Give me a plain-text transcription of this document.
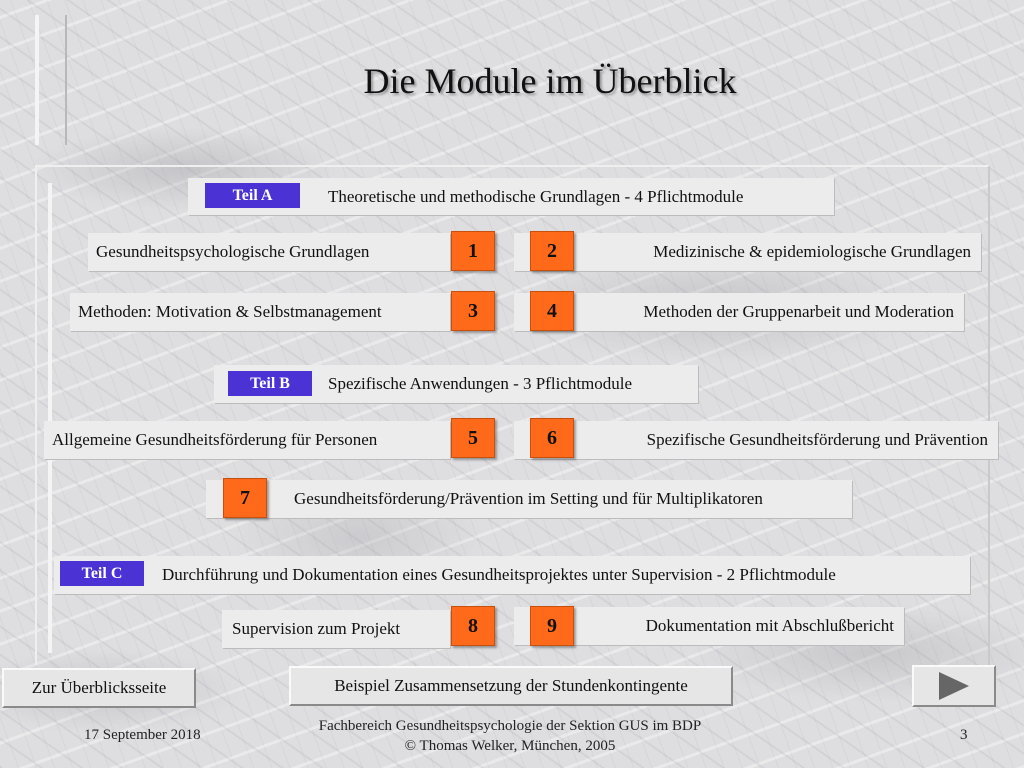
Die Module im Überblick
Theoretische und methodische Grundlagen - 4 Pflichtmodule
Teil A
Gesundheitspsychologische Grundlagen	1	Medizinische & epidemiologische Grundlagen
2
Methoden: Motivation & Selbstmanagement	3	Methoden der Gruppenarbeit und Moderation
4
Spezifische Anwendungen - 3 Pflichtmodule
Teil B
Allgemeine Gesundheitsförderung für Personen	5	Spezifische Gesundheitsförderung und Prävention
6
Gesundheitsförderung/Prävention im Setting und für Multiplikatoren
7
Durchführung und Dokumentation eines Gesundheitsprojektes unter Supervision - 2 Pflichtmodule
Teil C
Supervision zum Projekt	8	Dokumentation mit Abschlußbericht
9
Zur Überblicksseite	Beispiel Zusammensetzung der Stundenkontingente
17 September 2018
Fachbereich Gesundheitspsychologie der Sektion GUS im BDP
© Thomas Welker, München, 2005
3
